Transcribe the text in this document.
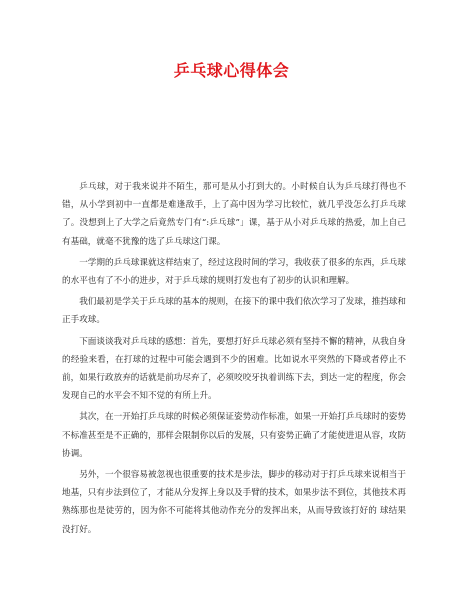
乒乓球心得体会

乒乓球，对于我来说并不陌生，那可是从小打到大的。小时候自认为乒乓球打得也不错，从小学到初中一直都是难逢敌手，上了高中因为学习比较忙，就几乎没怎么打乒乓球了。没想到上了大学之后竟然专门有“:乒乓球”」课，基于从小对乒乓球的热爱，加上自己有基础，就毫不犹豫的选了乒乓球这门课。

一学期的乒乓球课就这样结束了，经过这段时间的学习，我收获了很多的东西，乒乓球的水平也有了不小的进步，对于乒乓球的规则打发也有了初步的认识和理解。

我们最初是学关于乒乓球的基本的规则，在接下的课中我们依次学习了发球，推挡球和正手攻球。

下面谈谈我对乒乓球的感想：首先，要想打好乒乓球必须有坚持不懈的精神，从我自身的经验来看，在打球的过程中可能会遇到不少的困难。比如说水平突然的下降或者停止不前，如果行政放弃的话就是前功尽弃了，必须咬咬牙执着训练下去，到达一定的程度，你会发现自己的水平会不知不觉的有所上升。

其次，在一开始打乒乓球的时候必须保证姿势动作标准，如果一开始打乒乓球时的姿势不标准甚至是不正确的，那样会限制你以后的发展，只有姿势正确了才能使进退从容，攻防协调。

另外，一个很容易被忽视也很重要的技术是步法，脚步的移动对于打乒乓球来说相当于地基，只有步法到位了，才能从分发挥上身以及手臂的技术，如果步法不到位，其他技术再熟练那也是徒劳的，因为你不可能将其他动作充分的发挥出来，从而导致该打好的 球结果没打好。
